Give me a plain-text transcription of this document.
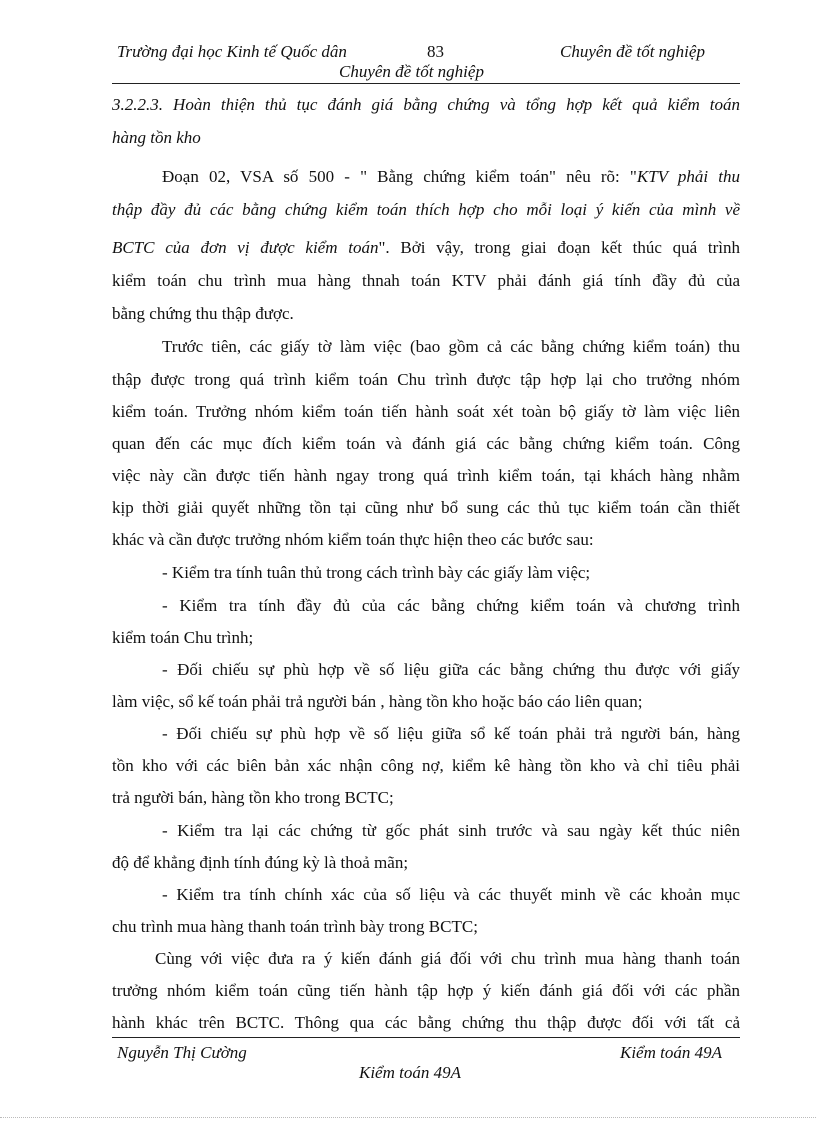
Trường đại học Kinh tế Quốc dân	83	Chuyên đề tốt nghiệp
Chuyên đề tốt nghiệp
3.2.2.3. Hoàn thiện thủ tục đánh giá bằng chứng và tổng hợp kết quả kiểm toán
hàng tồn kho
Đoạn 02, VSA số 500 - " Bằng chứng kiểm toán" nêu rõ: "KTV phải thu
thập đầy đủ các bằng chứng kiểm toán thích hợp cho mỗi loại ý kiến của mình về
BCTC của đơn vị được kiểm toán". Bởi vậy, trong giai đoạn kết thúc quá trình
kiểm toán chu trình mua hàng thnah toán KTV phải đánh giá tính đầy đủ của
bằng chứng thu thập được.
Trước tiên, các giấy tờ làm việc (bao gồm cả các bằng chứng kiểm toán) thu
thập được trong quá trình kiểm toán Chu trình được tập hợp lại cho trưởng nhóm
kiểm toán. Trưởng nhóm kiểm toán tiến hành soát xét toàn bộ giấy tờ làm việc liên
quan đến các mục đích kiểm toán và đánh giá các bằng chứng kiểm toán. Công
việc này cần được tiến hành ngay trong quá trình kiểm toán, tại khách hàng nhằm
kịp thời giải quyết những tồn tại cũng như bổ sung các thủ tục kiểm toán cần thiết
khác và cần được trưởng nhóm kiểm toán thực hiện theo các bước sau:
- Kiểm tra tính tuân thủ trong cách trình bày các giấy làm việc;
- Kiểm tra tính đầy đủ của các bằng chứng kiểm toán và chương trình
kiểm toán Chu trình;
- Đối chiếu sự phù hợp về số liệu giữa các bằng chứng thu được với giấy
làm việc, sổ kế toán phải trả người bán , hàng tồn kho hoặc báo cáo liên quan;
- Đối chiếu sự phù hợp về số liệu giữa sổ kế toán phải trả người bán, hàng
tồn kho với các biên bản xác nhận công nợ, kiểm kê hàng tồn kho và chỉ tiêu phải
trả người bán, hàng tồn kho trong BCTC;
- Kiểm tra lại các chứng từ gốc phát sinh trước và sau ngày kết thúc niên
độ để khẳng định tính đúng kỳ là thoả mãn;
- Kiểm tra tính chính xác của số liệu và các thuyết minh về các khoản mục
chu trình mua hàng thanh toán trình bày trong BCTC;
Cùng với việc đưa ra ý kiến đánh giá đối với chu trình mua hàng thanh toán
trưởng nhóm kiểm toán cũng tiến hành tập hợp ý kiến đánh giá đối với các phần
hành khác trên BCTC. Thông qua các bằng chứng thu thập được đối với tất cả
Nguyễn Thị Cường	Kiểm toán 49A
Kiểm toán 49A
